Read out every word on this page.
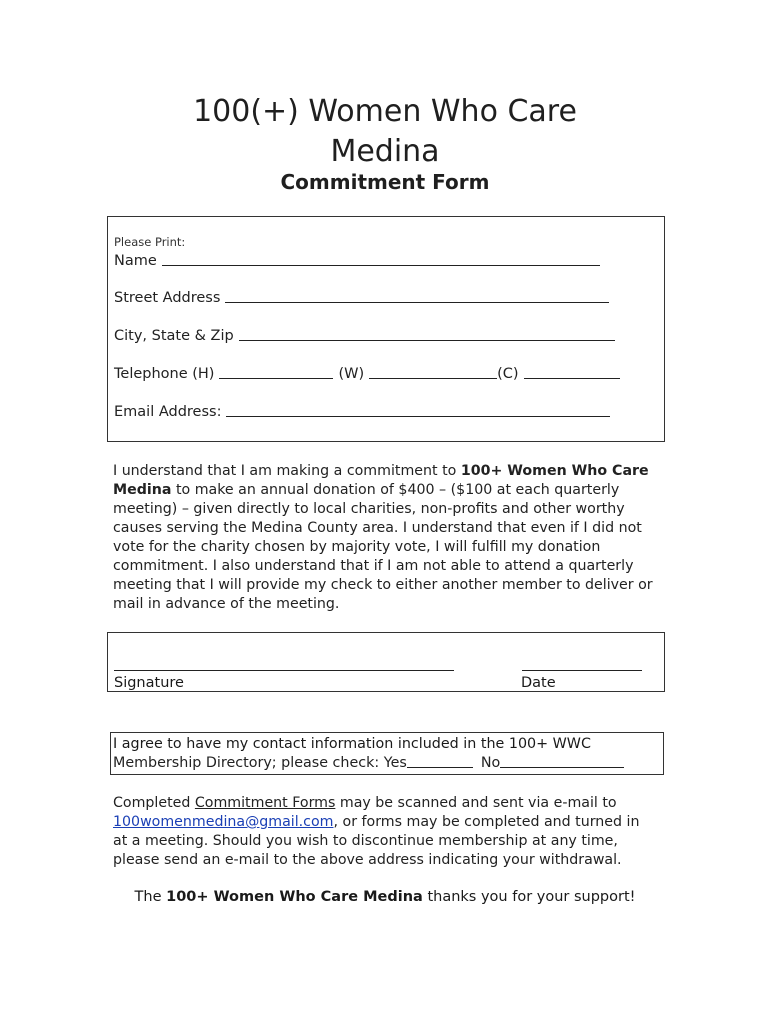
100(+) Women Who Care
Medina
Commitment Form
Please Print:
Name
Street Address
City, State & Zip
Telephone (H)	(W)	(C)
Email Address:
I understand that I am making a commitment to 100+ Women Who Care Medina to make an annual donation of $400 – ($100 at each quarterly meeting) – given directly to local charities, non-profits and other worthy causes serving the Medina County area. I understand that even if I did not vote for the charity chosen by majority vote, I will fulfill my donation commitment. I also understand that if I am not able to attend a quarterly meeting that I will provide my check to either another member to deliver or mail in advance of the meeting.
Signature	Date
I agree to have my contact information included in the 100+ WWC
Membership Directory; please check: Yes	No
Completed Commitment Forms may be scanned and sent via e-mail to
100womenmedina@gmail.com, or forms may be completed and turned in at a meeting. Should you wish to discontinue membership at any time, please send an e-mail to the above address indicating your withdrawal.
The 100+ Women Who Care Medina thanks you for your support!
